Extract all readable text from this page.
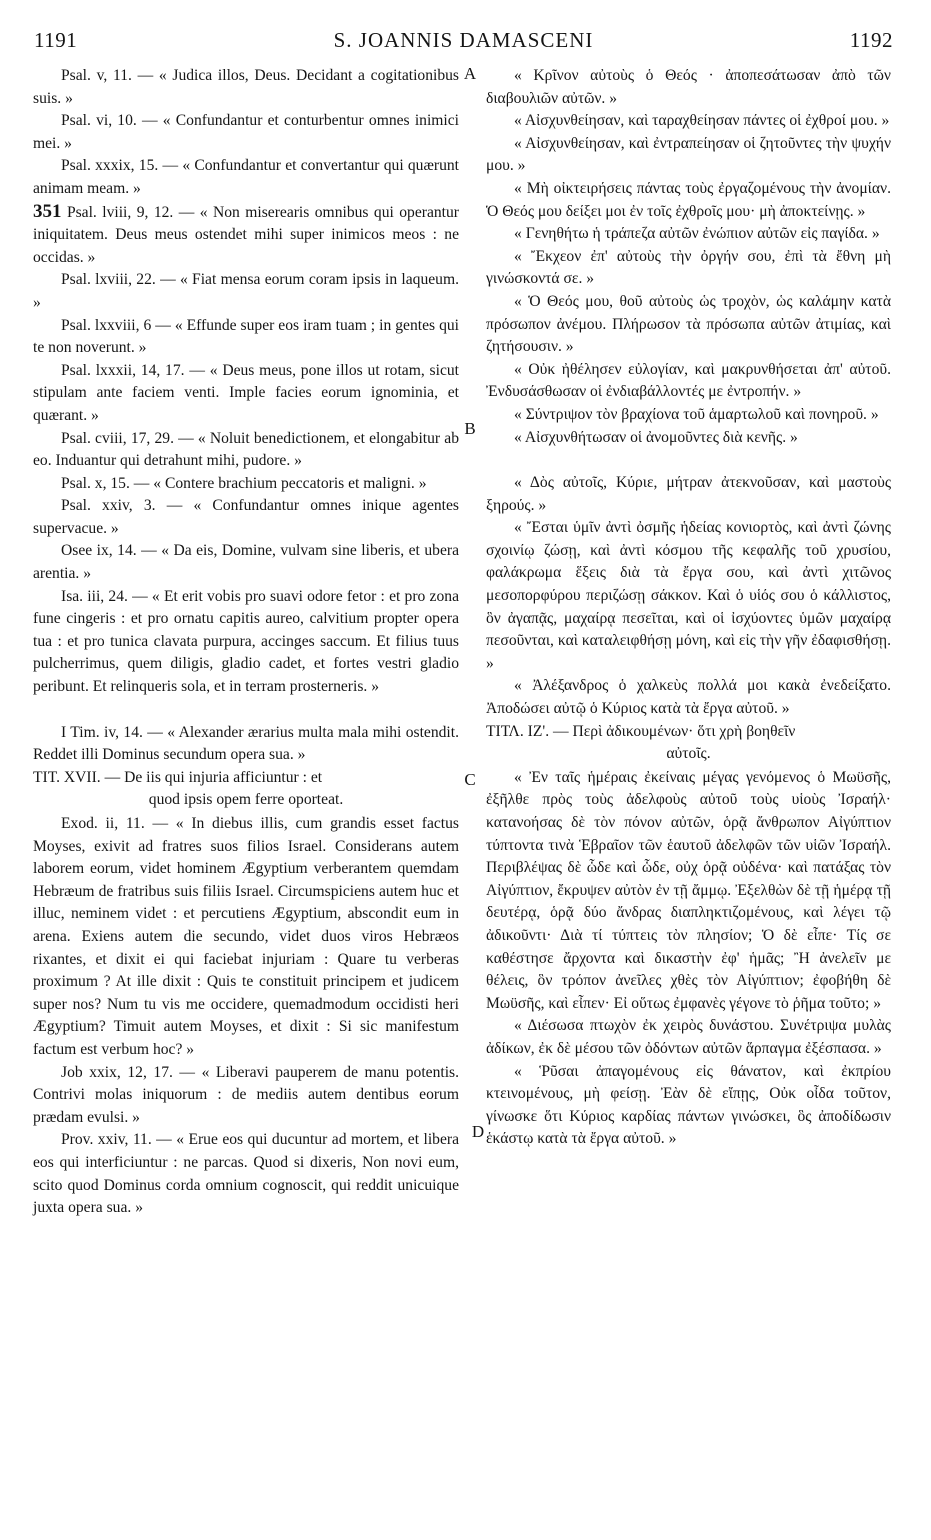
1191	S. JOANNIS DAMASCENI	1192

Psal. v, 11. — « Judica illos, Deus. Decidant a cogitationibus suis. »

Psal. vi, 10. — « Confundantur et conturbentur omnes inimici mei. »

Psal. xxxix, 15. — « Confundantur et convertantur qui quærunt animam meam. »

351 Psal. lviii, 9, 12. — « Non miserearis omnibus qui operantur iniquitatem. Deus meus ostendet mihi super inimicos meos : ne occidas. »

Psal. lxviii, 22. — « Fiat mensa eorum coram ipsis in laqueum. »

Psal. lxxviii, 6 — « Effunde super eos iram tuam ; in gentes qui te non noverunt. »

Psal. lxxxii, 14, 17. — « Deus meus, pone illos ut rotam, sicut stipulam ante faciem venti. Imple facies eorum ignominia, et quærant. »

Psal. cviii, 17, 29. — « Noluit benedictionem, et elongabitur ab eo. Induantur qui detrahunt mihi, pudore. »

Psal. x, 15. — « Contere brachium peccatoris et maligni. »

Psal. xxiv, 3. — « Confundantur omnes inique agentes supervacue. »

Osee ix, 14. — « Da eis, Domine, vulvam sine liberis, et ubera arentia. »

Isa. iii, 24. — « Et erit vobis pro suavi odore fetor : et pro zona fune cingeris : et pro ornatu capitis aureo, calvitium propter opera tua : et pro tunica clavata purpura, accinges saccum. Et filius tuus pulcherrimus, quem diligis, gladio cadet, et fortes vestri gladio peribunt. Et relinqueris sola, et in terram prosterneris. »

I Tim. iv, 14. — « Alexander ærarius multa mala mihi ostendit. Reddet illi Dominus secundum opera sua. »

TIT. XVII. — De iis qui injuria afficiuntur : et

quod ipsis opem ferre oporteat.

Exod. ii, 11. — « In diebus illis, cum grandis esset factus Moyses, exivit ad fratres suos filios Israel. Considerans autem laborem eorum, videt hominem Ægyptium verberantem quemdam Hebræum de fratribus suis filiis Israel. Circumspiciens autem huc et illuc, neminem videt : et percutiens Ægyptium, abscondit eum in arena. Exiens autem die secundo, videt duos viros Hebræos rixantes, et dixit ei qui faciebat injuriam : Quare tu verberas proximum ? At ille dixit : Quis te constituit principem et judicem super nos? Num tu vis me occidere, quemadmodum occidisti heri Ægyptium? Timuit autem Moyses, et dixit : Si sic manifestum factum est verbum hoc? »

Job xxix, 12, 17. — « Liberavi pauperem de manu potentis. Contrivi molas iniquorum : de mediis autem dentibus eorum prædam evulsi. »

Prov. xxiv, 11. — « Erue eos qui ducuntur ad mortem, et libera eos qui interficiuntur : ne parcas. Quod si dixeris, Non novi eum, scito quod Dominus corda omnium cognoscit, qui reddit unicuique juxta opera sua. »

« Κρῖνον αὐτοὺς ὁ Θεός · ἀποπεσάτωσαν ἀπὸ τῶν διαβουλιῶν αὐτῶν. »

« Αἰσχυνθείησαν, καὶ ταραχθείησαν πάντες οἱ ἐχθροί μου. »

« Αἰσχυνθείησαν, καὶ ἐντραπείησαν οἱ ζητοῦντες τὴν ψυχήν μου. »

« Μὴ οἰκτειρήσεις πάντας τοὺς ἐργαζομένους τὴν ἀνομίαν. Ὁ Θεός μου δείξει μοι ἐν τοῖς ἐχθροῖς μου· μὴ ἀποκτείνῃς. »

« Γενηθήτω ἡ τράπεζα αὐτῶν ἐνώπιον αὐτῶν εἰς παγίδα. »

« Ἔκχεον ἐπ' αὐτοὺς τὴν ὀργήν σου, ἐπὶ τὰ ἔθνη μὴ γινώσκοντά σε. »

« Ὁ Θεός μου, θοῦ αὐτοὺς ὡς τροχὸν, ὡς καλάμην κατὰ πρόσωπον ἀνέμου. Πλήρωσον τὰ πρόσωπα αὐτῶν ἀτιμίας, καὶ ζητήσουσιν. »

« Οὐκ ἠθέλησεν εὐλογίαν, καὶ μακρυνθήσεται ἀπ' αὐτοῦ. Ἐνδυσάσθωσαν οἱ ἐνδιαβάλλοντές με ἐντροπήν. »

« Σύντριψον τὸν βραχίονα τοῦ ἁμαρτωλοῦ καὶ πονηροῦ. »

« Αἰσχυνθήτωσαν οἱ ἀνομοῦντες διὰ κενῆς. »

« Δὸς αὐτοῖς, Κύριε, μήτραν ἀτεκνοῦσαν, καὶ μαστοὺς ξηρούς. »

« Ἔσται ὑμῖν ἀντὶ ὀσμῆς ἡδείας κονιορτὸς, καὶ ἀντὶ ζώνης σχοινίῳ ζώσῃ, καὶ ἀντὶ κόσμου τῆς κεφαλῆς τοῦ χρυσίου, φαλάκρωμα ἕξεις διὰ τὰ ἔργα σου, καὶ ἀντὶ χιτῶνος μεσοπορφύρου περιζώσῃ σάκκον. Καὶ ὁ υἱός σου ὁ κάλλιστος, ὃν ἀγαπᾷς, μαχαίρᾳ πεσεῖται, καὶ οἱ ἰσχύοντες ὑμῶν μαχαίρᾳ πεσοῦνται, καὶ καταλειφθήσῃ μόνη, καὶ εἰς τὴν γῆν ἐδαφισθήσῃ. »

« Ἀλέξανδρος ὁ χαλκεὺς πολλά μοι κακὰ ἐνεδείξατο. Ἀποδώσει αὐτῷ ὁ Κύριος κατὰ τὰ ἔργα αὐτοῦ. »

ΤΙΤΛ. ΙΖ'. — Περὶ ἀδικουμένων· ὅτι χρὴ βοηθεῖν

αὐτοῖς.

« Ἐν ταῖς ἡμέραις ἐκείναις μέγας γενόμενος ὁ Μωϋσῆς, ἐξῆλθε πρὸς τοὺς ἀδελφοὺς αὐτοῦ τοὺς υἱοὺς Ἰσραήλ· κατανοήσας δὲ τὸν πόνον αὐτῶν, ὁρᾷ ἄνθρωπον Αἰγύπτιον τύπτοντα τινὰ Ἑβραῖον τῶν ἑαυτοῦ ἀδελφῶν τῶν υἱῶν Ἰσραήλ. Περιβλέψας δὲ ὧδε καὶ ὧδε, οὐχ ὁρᾷ οὐδένα· καὶ πατάξας τὸν Αἰγύπτιον, ἔκρυψεν αὐτὸν ἐν τῇ ἄμμῳ. Ἐξελθὼν δὲ τῇ ἡμέρᾳ τῇ δευτέρᾳ, ὁρᾷ δύο ἄνδρας διαπληκτιζομένους, καὶ λέγει τῷ ἀδικοῦντι· Διὰ τί τύπτεις τὸν πλησίον; Ὁ δὲ εἶπε· Τίς σε καθέστησε ἄρχοντα καὶ δικαστὴν ἐφ' ἡμᾶς; Ἢ ἀνελεῖν με θέλεις, ὃν τρόπον ἀνεῖλες χθὲς τὸν Αἰγύπτιον; ἐφοβήθη δὲ Μωϋσῆς, καὶ εἶπεν· Εἰ οὕτως ἐμφανὲς γέγονε τὸ ῥῆμα τοῦτο; »

« Διέσωσα πτωχὸν ἐκ χειρὸς δυνάστου. Συνέτριψα μυλὰς ἀδίκων, ἐκ δὲ μέσου τῶν ὀδόντων αὐτῶν ἅρπαγμα ἐξέσπασα. »

« Ῥῦσαι ἀπαγομένους εἰς θάνατον, καὶ ἐκπρίου κτεινομένους, μὴ φείσῃ. Ἐὰν δὲ εἴπῃς, Οὐκ οἶδα τοῦτον, γίνωσκε ὅτι Κύριος καρδίας πάντων γινώσκει, ὃς ἀποδίδωσιν ἑκάστῳ κατὰ τὰ ἔργα αὐτοῦ. »

A
B
C
D
